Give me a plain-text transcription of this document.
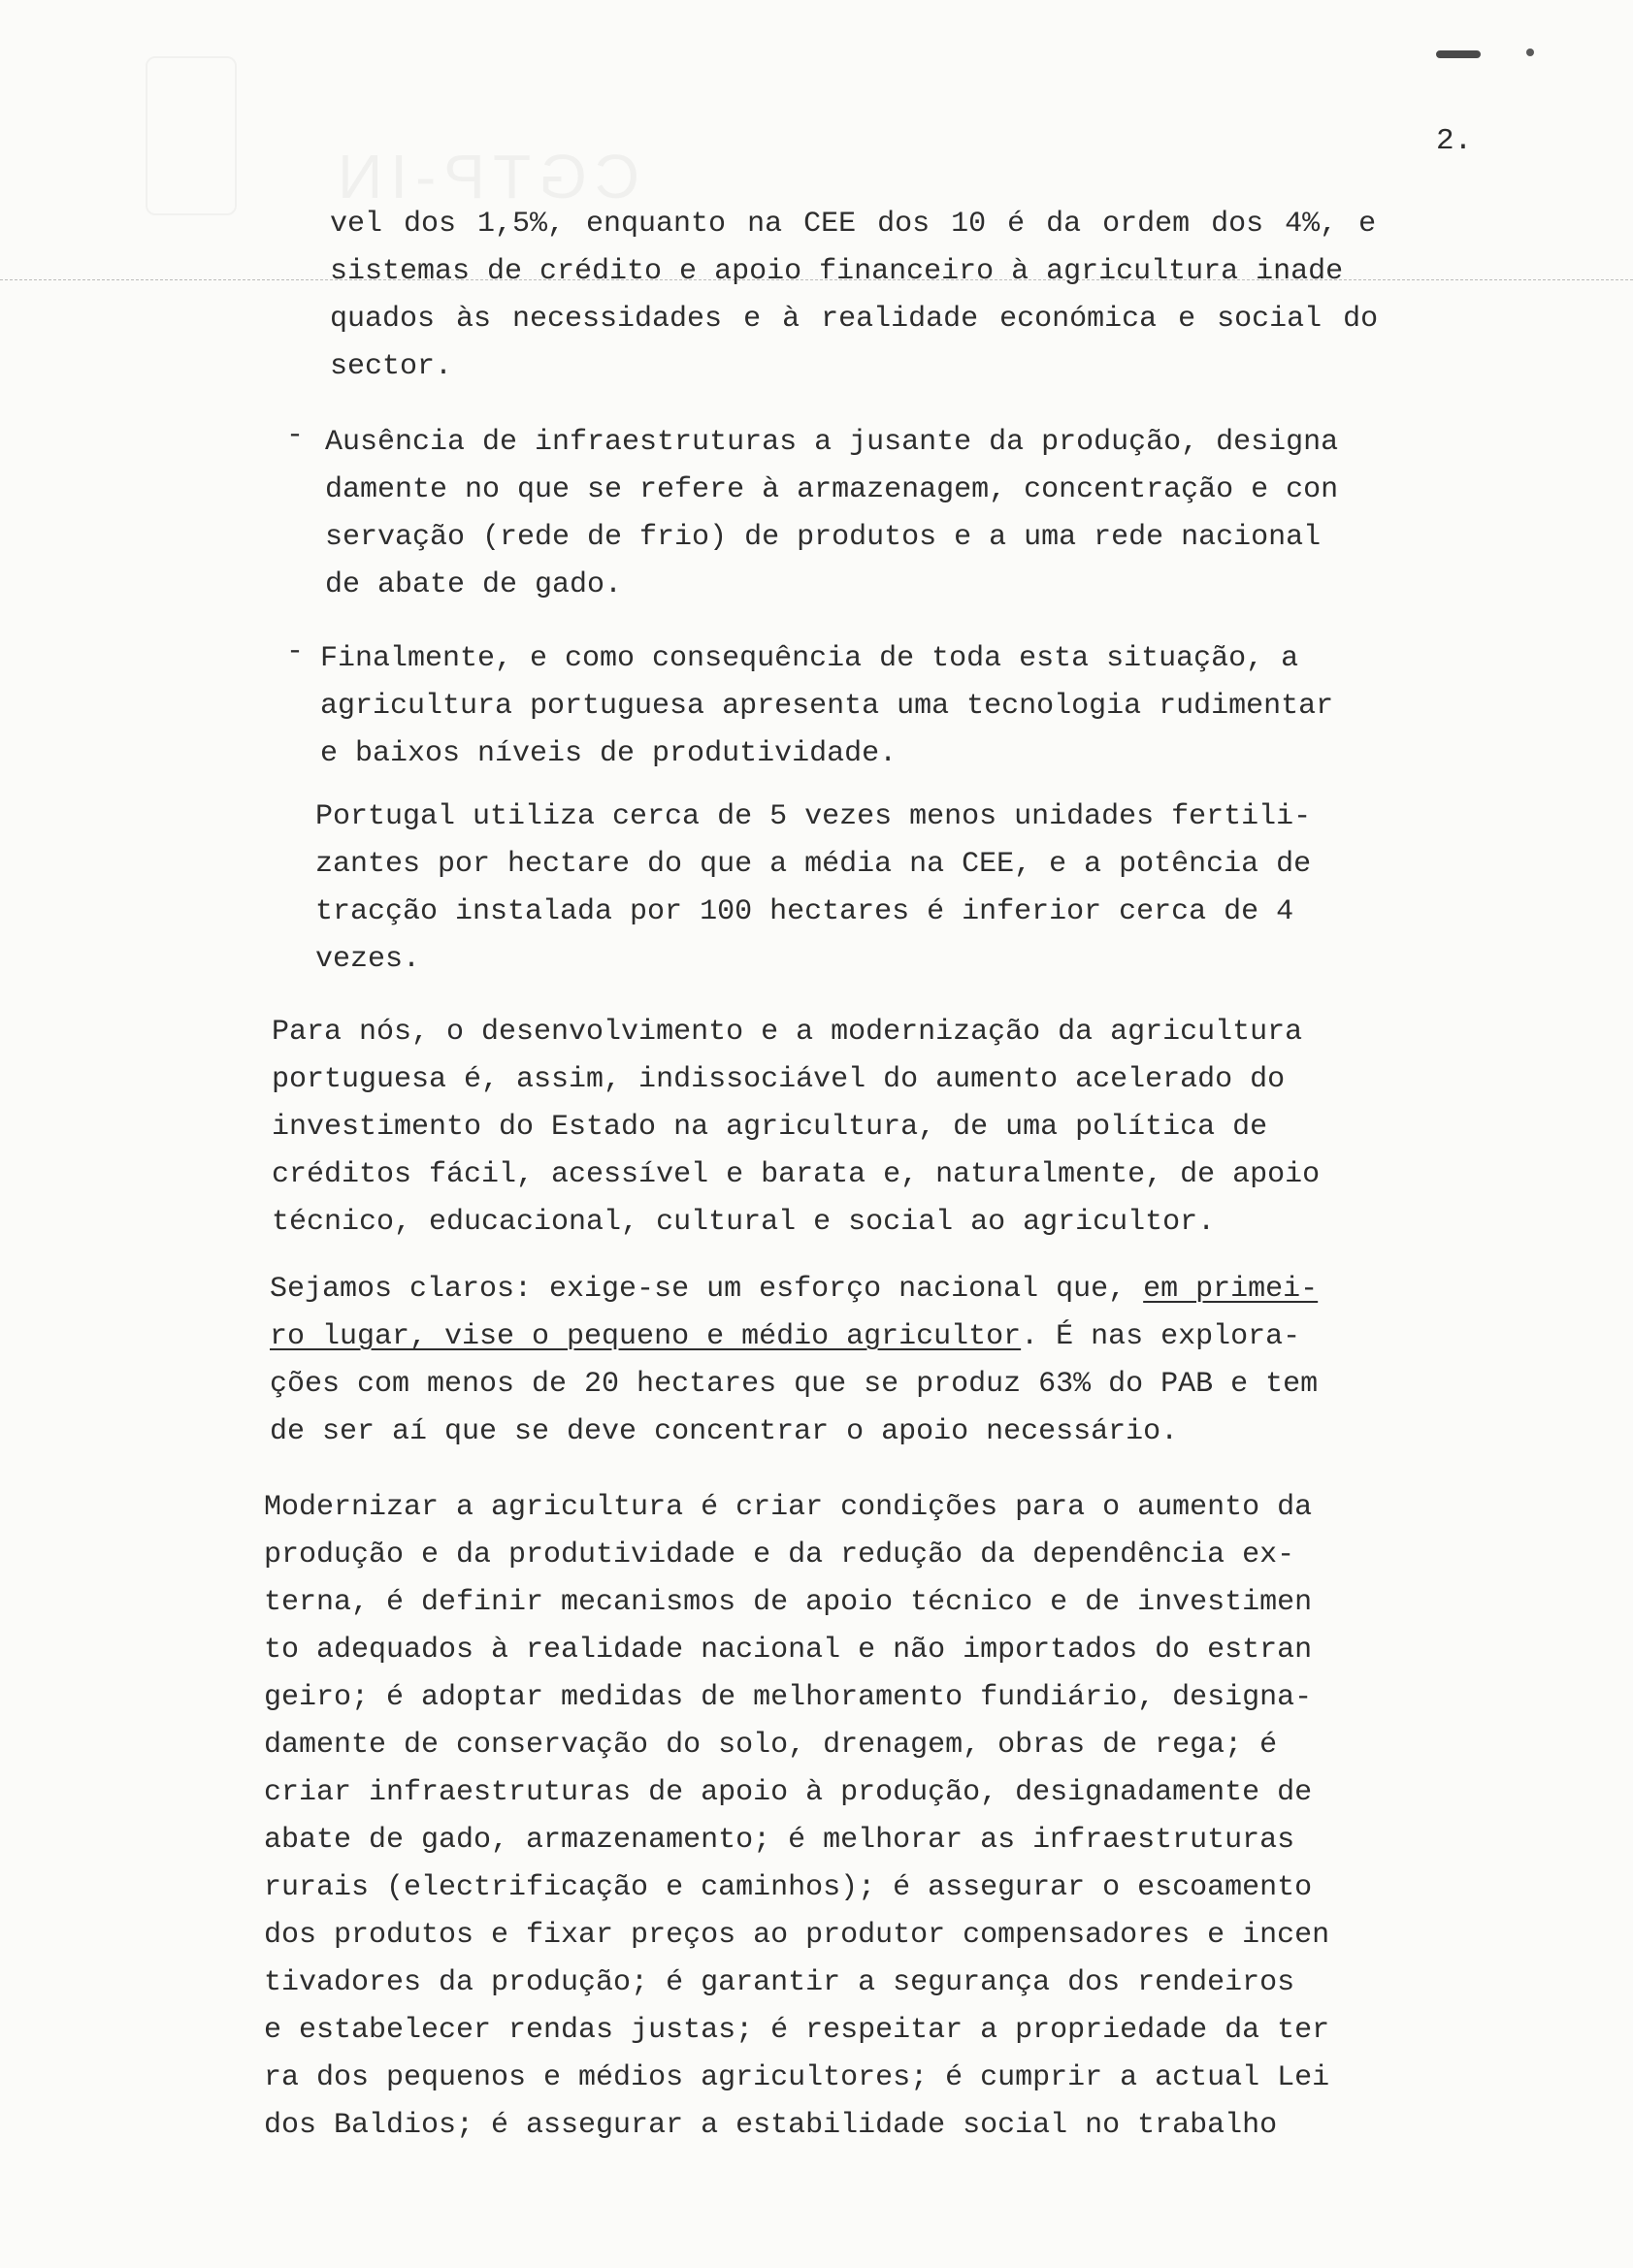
2.
vel dos 1,5%, enquanto na CEE dos 10 é da ordem dos 4%, e
sistemas de crédito e apoio financeiro à agricultura inade
quados às necessidades e à realidade económica e social do
sector.
- Ausência de infraestruturas a jusante da produção, designa
damente no que se refere à armazenagem, concentração e con
servação (rede de frio) de produtos e a uma rede nacional
de abate de gado.
- Finalmente, e como consequência de toda esta situação, a
agricultura portuguesa apresenta uma tecnologia rudimentar
e baixos níveis de produtividade.
Portugal utiliza cerca de 5 vezes menos unidades fertili-
zantes por hectare do que a média na CEE, e a potência de
tracção instalada por 100 hectares é inferior cerca de 4
vezes.
Para nós, o desenvolvimento e a modernização da agricultura
portuguesa é, assim, indissociável do aumento acelerado do
investimento do Estado na agricultura, de uma política de
créditos fácil, acessível e barata e, naturalmente, de apoio
técnico, educacional, cultural e social ao agricultor.
Sejamos claros: exige-se um esforço nacional que, em primei-
ro lugar, vise o pequeno e médio agricultor. É nas explora-
ções com menos de 20 hectares que se produz 63% do PAB e tem
de ser aí que se deve concentrar o apoio necessário.
Modernizar a agricultura é criar condições para o aumento da
produção e da produtividade e da redução da dependência ex-
terna, é definir mecanismos de apoio técnico e de investimen
to adequados à realidade nacional e não importados do estran
geiro; é adoptar medidas de melhoramento fundiário, designa-
damente de conservação do solo, drenagem, obras de rega; é
criar infraestruturas de apoio à produção, designadamente de
abate de gado, armazenamento; é melhorar as infraestruturas
rurais (electrificação e caminhos); é assegurar o escoamento
dos produtos e fixar preços ao produtor compensadores e incen
tivadores da produção; é garantir a segurança dos rendeiros
e estabelecer rendas justas; é respeitar a propriedade da ter
ra dos pequenos e médios agricultores; é cumprir a actual Lei
dos Baldios; é assegurar a estabilidade social no trabalho
